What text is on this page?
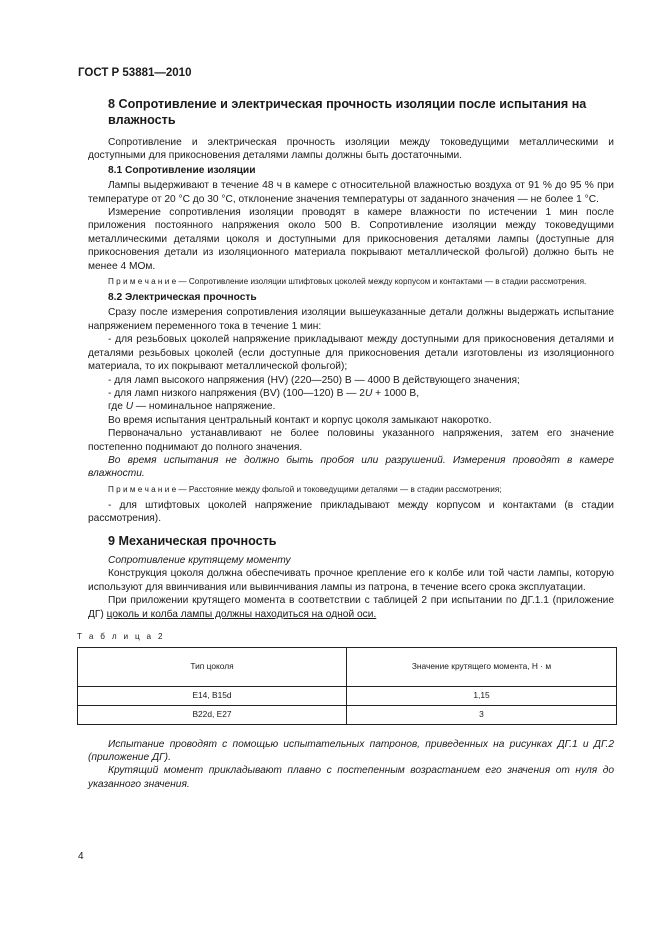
ГОСТ Р 53881—2010
8 Сопротивление и электрическая прочность изоляции после испытания на влажность

Сопротивление и электрическая прочность изоляции между токоведущими металлическими и доступными для прикосновения деталями лампы должны быть достаточными.

8.1 Сопротивление изоляции

Лампы выдерживают в течение 48 ч в камере с относительной влажностью воздуха от 91 % до 95 % при температуре от 20 °С до 30 °С, отклонение значения температуры от заданного значения — не более 1 °С.

Измерение сопротивления изоляции проводят в камере влажности по истечении 1 мин после приложения постоянного напряжения около 500 В. Сопротивление изоляции между токоведущими металлическими деталями цоколя и доступными для прикосновения деталями лампы (доступные для прикосновения детали из изоляционного материала покрывают металлической фольгой) должно быть не менее 4 МОм.

П р и м е ч а н и е — Сопротивление изоляции штифтовых цоколей между корпусом и контактами — в стадии рассмотрения.

8.2 Электрическая прочность

Сразу после измерения сопротивления изоляции вышеуказанные детали должны выдержать испытание напряжением переменного тока в течение 1 мин:

- для резьбовых цоколей напряжение прикладывают между доступными для прикосновения деталями и деталями резьбовых цоколей (если доступные для прикосновения детали изготовлены из изоляционного материала, то их покрывают металлической фольгой);

- для ламп высокого напряжения (HV) (220—250) В — 4000 В действующего значения;

- для ламп низкого напряжения (BV) (100—120) В — 2U + 1000 В,

где U — номинальное напряжение.

Во время испытания центральный контакт и корпус цоколя замыкают накоротко.

Первоначально устанавливают не более половины указанного напряжения, затем его значение постепенно поднимают до полного значения.

Во время испытания не должно быть пробоя или разрушений. Измерения проводят в камере влажности.

П р и м е ч а н и е — Расстояние между фольгой и токоведущими деталями — в стадии рассмотрения;

- для штифтовых цоколей напряжение прикладывают между корпусом и контактами (в стадии рассмотрения).

9 Механическая прочность

Сопротивление крутящему моменту

Конструкция цоколя должна обеспечивать прочное крепление его к колбе или той части лампы, которую используют для ввинчивания или вывинчивания лампы из патрона, в течение всего срока эксплуатации.

При приложении крутящего момента в соответствии с таблицей 2 при испытании по ДГ.1.1 (приложение ДГ) цоколь и колба лампы должны находиться на одной оси.

Т а б л и ц а 2
Тип цоколя	Значение крутящего момента, Н · м
E14, B15d	1,15
B22d, E27	3

Испытание проводят с помощью испытательных патронов, приведенных на рисунках ДГ.1 и ДГ.2 (приложение ДГ).

Крутящий момент прикладывают плавно с постепенным возрастанием его значения от нуля до указанного значения.

4
